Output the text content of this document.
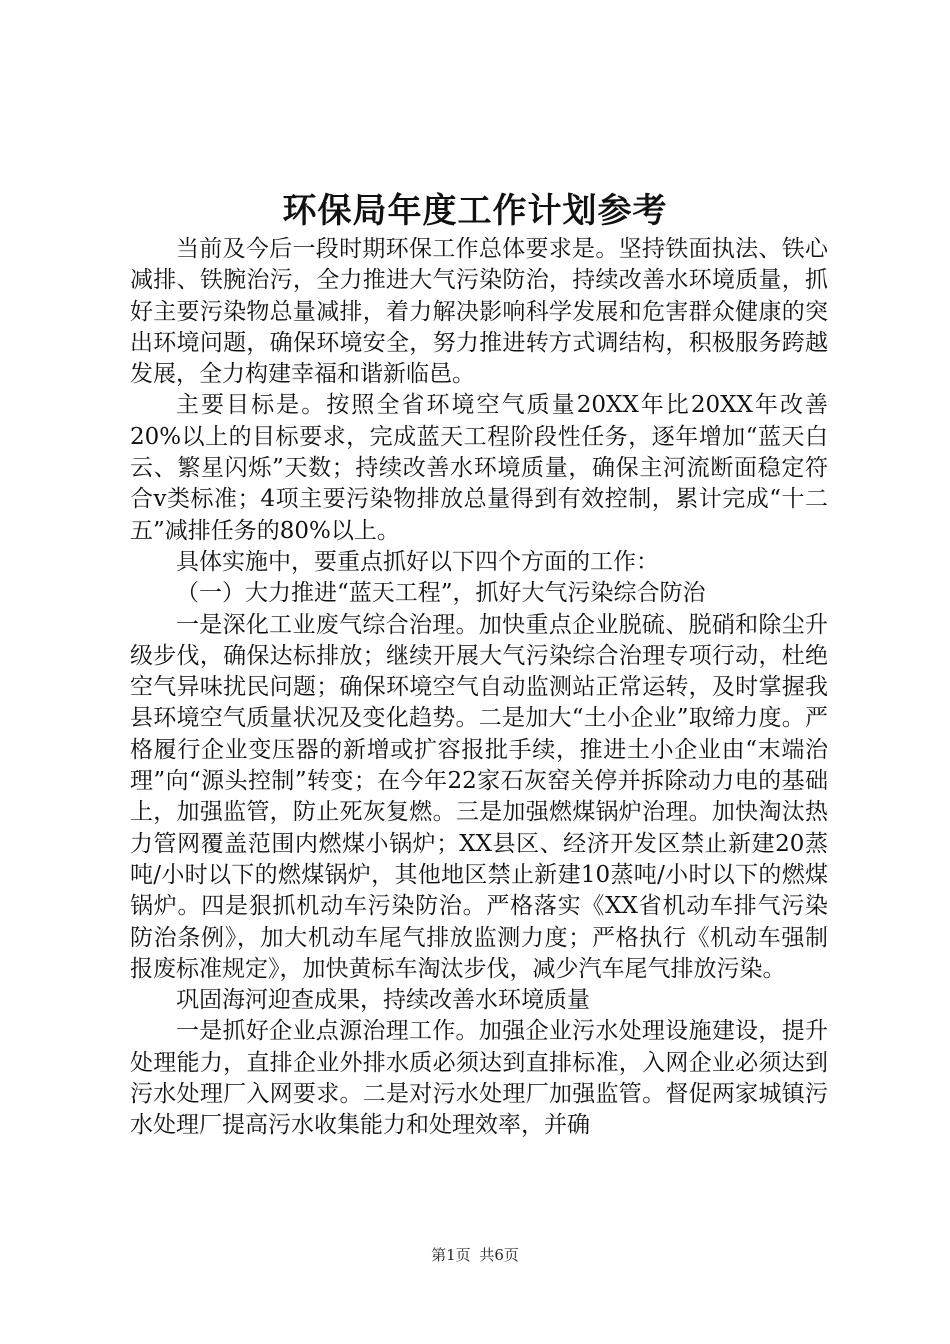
环保局年度工作计划参考

当前及今后一段时期环保工作总体要求是。坚持铁面执法、铁心减排、铁腕治污，全力推进大气污染防治，持续改善水环境质量，抓好主要污染物总量减排，着力解决影响科学发展和危害群众健康的突出环境问题，确保环境安全，努力推进转方式调结构，积极服务跨越发展，全力构建幸福和谐新临邑。

主要目标是。按照全省环境空气质量20XX年比20XX年改善20%以上的目标要求，完成蓝天工程阶段性任务，逐年增加“蓝天白云、繁星闪烁”天数；持续改善水环境质量，确保主河流断面稳定符合v类标准；4项主要污染物排放总量得到有效控制，累计完成“十二五”减排任务的80%以上。

具体实施中，要重点抓好以下四个方面的工作：

（一）大力推进“蓝天工程”，抓好大气污染综合防治

一是深化工业废气综合治理。加快重点企业脱硫、脱硝和除尘升级步伐，确保达标排放；继续开展大气污染综合治理专项行动，杜绝空气异味扰民问题；确保环境空气自动监测站正常运转，及时掌握我县环境空气质量状况及变化趋势。二是加大“土小企业”取缔力度。严格履行企业变压器的新增或扩容报批手续，推进土小企业由“末端治理”向“源头控制”转变；在今年22家石灰窑关停并拆除动力电的基础上，加强监管，防止死灰复燃。三是加强燃煤锅炉治理。加快淘汰热力管网覆盖范围内燃煤小锅炉；XX县区、经济开发区禁止新建20蒸吨/小时以下的燃煤锅炉，其他地区禁止新建10蒸吨/小时以下的燃煤锅炉。四是狠抓机动车污染防治。严格落实《XX省机动车排气污染防治条例》，加大机动车尾气排放监测力度；严格执行《机动车强制报废标准规定》，加快黄标车淘汰步伐，减少汽车尾气排放污染。

巩固海河迎查成果，持续改善水环境质量

一是抓好企业点源治理工作。加强企业污水处理设施建设，提升处理能力，直排企业外排水质必须达到直排标准，入网企业必须达到污水处理厂入网要求。二是对污水处理厂加强监管。督促两家城镇污水处理厂提高污水收集能力和处理效率，并确

第1页 共6页
